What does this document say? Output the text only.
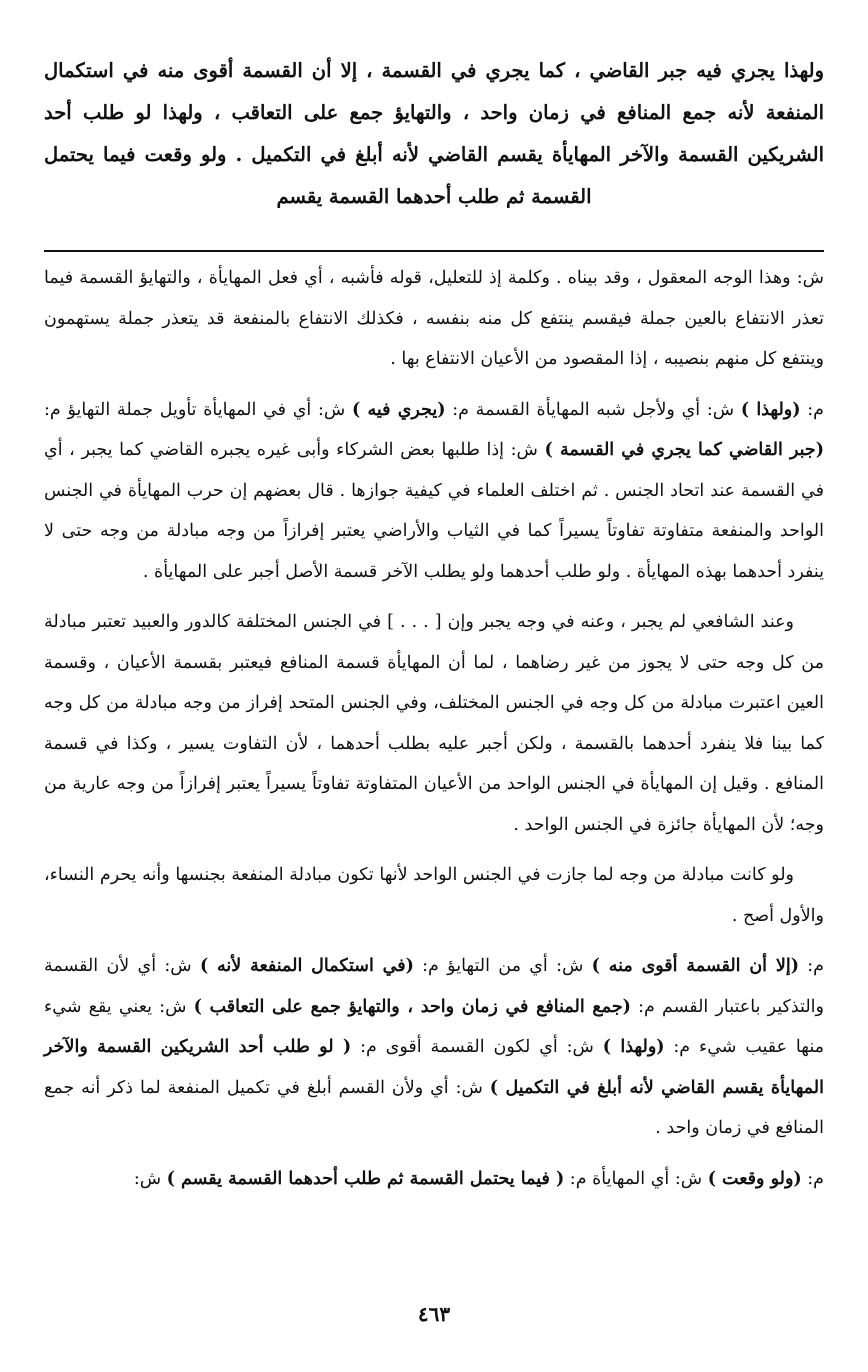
ولهذا يجري فيه جبر القاضي ، كما يجري في القسمة ، إلا أن القسمة أقوى منه في استكمال المنفعة لأنه جمع المنافع في زمان واحد ، والتهايؤ جمع على التعاقب ، ولهذا لو طلب أحد الشريكين القسمة والآخر المهايأة يقسم القاضي لأنه أبلغ في التكميل . ولو وقعت فيما يحتمل القسمة ثم طلب أحدهما القسمة يقسم

ش: وهذا الوجه المعقول ، وقد بيناه . وكلمة إذ للتعليل، قوله فأشبه ، أي فعل المهايأة ، والتهايؤ القسمة فيما تعذر الانتفاع بالعين جملة فيقسم ينتفع كل منه بنفسه ، فكذلك الانتفاع بالمنفعة قد يتعذر جملة يستهمون وينتفع كل منهم بنصيبه ، إذا المقصود من الأعيان الانتفاع بها .

م: (ولهذا ) ش: أي ولأجل شبه المهايأة القسمة م: (يجري فيه ) ش: أي في المهايأة تأويل جملة التهايؤ م: (جبر القاضي كما يجري في القسمة ) ش: إذا طلبها بعض الشركاء وأبى غيره يجبره القاضي كما يجبر ، أي في القسمة عند اتحاد الجنس . ثم اختلف العلماء في كيفية جوازها . قال بعضهم إن حرب المهايأة في الجنس الواحد والمنفعة متفاوتة تفاوتاً يسيراً كما في الثياب والأراضي يعتبر إفرازاً من وجه مبادلة من وجه حتى لا ينفرد أحدهما بهذه المهايأة . ولو طلب أحدهما ولو يطلب الآخر قسمة الأصل أجبر على المهايأة .

وعند الشافعي لم يجبر ، وعنه في وجه يجبر وإن [ . . . ] في الجنس المختلفة كالدور والعبيد تعتبر مبادلة من كل وجه حتى لا يجوز من غير رضاهما ، لما أن المهايأة قسمة المنافع فيعتبر بقسمة الأعيان ، وقسمة العين اعتبرت مبادلة من كل وجه في الجنس المختلف، وفي الجنس المتحد إفراز من وجه مبادلة من كل وجه كما بينا فلا ينفرد أحدهما بالقسمة ، ولكن أجبر عليه بطلب أحدهما ، لأن التفاوت يسير ، وكذا في قسمة المنافع . وقيل إن المهايأة في الجنس الواحد من الأعيان المتفاوتة تفاوتاً يسيراً يعتبر إفرازاً من وجه عارية من وجه؛ لأن المهايأة جائزة في الجنس الواحد .

ولو كانت مبادلة من وجه لما جازت في الجنس الواحد لأنها تكون مبادلة المنفعة بجنسها وأنه يحرم النساء، والأول أصح .

م: (إلا أن القسمة أقوى منه ) ش: أي من التهايؤ م: (في استكمال المنفعة لأنه ) ش: أي لأن القسمة والتذكير باعتبار القسم م: (جمع المنافع في زمان واحد ، والتهايؤ جمع على التعاقب ) ش: يعني يقع شيء منها عقيب شيء م: (ولهذا ) ش: أي لكون القسمة أقوى م: ( لو طلب أحد الشريكين القسمة والآخر المهايأة يقسم القاضي لأنه أبلغ في التكميل ) ش: أي ولأن القسم أبلغ في تكميل المنفعة لما ذكر أنه جمع المنافع في زمان واحد .

م: (ولو وقعت ) ش: أي المهايأة م: ( فيما يحتمل القسمة ثم طلب أحدهما القسمة يقسم ) ش:

٤٦٣
